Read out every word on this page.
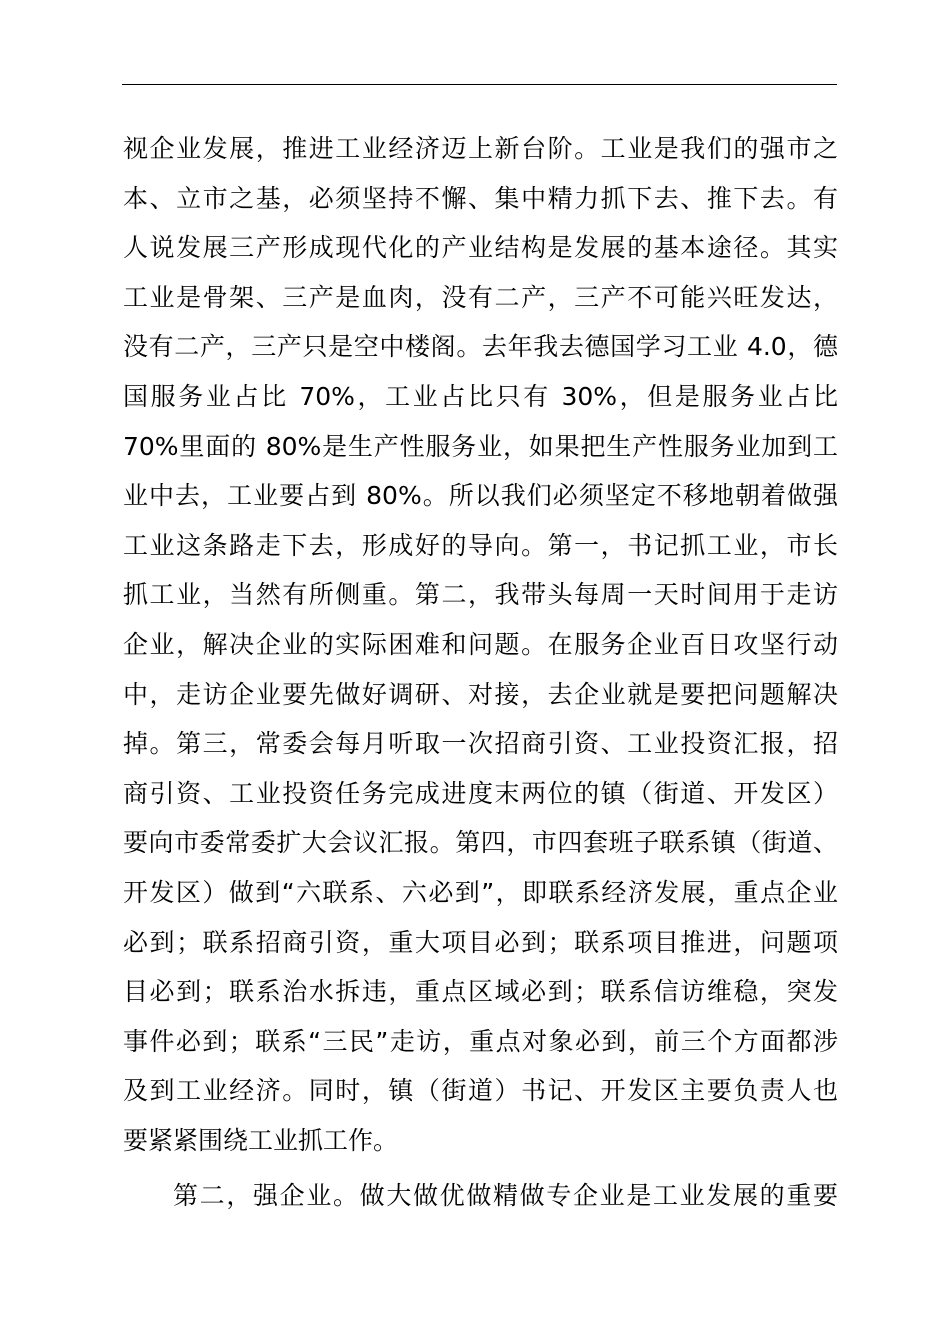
视企业发展，推进工业经济迈上新台阶。工业是我们的强市之
本、立市之基，必须坚持不懈、集中精力抓下去、推下去。有
人说发展三产形成现代化的产业结构是发展的基本途径。其实
工业是骨架、三产是血肉，没有二产，三产不可能兴旺发达，
没有二产，三产只是空中楼阁。去年我去德国学习工业 4.0，德
国服务业占比 70%，工业占比只有 30%，但是服务业占比
70%里面的 80%是生产性服务业，如果把生产性服务业加到工
业中去，工业要占到 80%。所以我们必须坚定不移地朝着做强
工业这条路走下去，形成好的导向。第一，书记抓工业，市长
抓工业，当然有所侧重。第二，我带头每周一天时间用于走访
企业，解决企业的实际困难和问题。在服务企业百日攻坚行动
中，走访企业要先做好调研、对接，去企业就是要把问题解决
掉。第三，常委会每月听取一次招商引资、工业投资汇报，招
商引资、工业投资任务完成进度末两位的镇（街道、开发区）
要向市委常委扩大会议汇报。第四，市四套班子联系镇（街道、
开发区）做到“六联系、六必到”，即联系经济发展，重点企业
必到；联系招商引资，重大项目必到；联系项目推进，问题项
目必到；联系治水拆违，重点区域必到；联系信访维稳，突发
事件必到；联系“三民”走访，重点对象必到，前三个方面都涉
及到工业经济。同时，镇（街道）书记、开发区主要负责人也
要紧紧围绕工业抓工作。
第二，强企业。做大做优做精做专企业是工业发展的重要
